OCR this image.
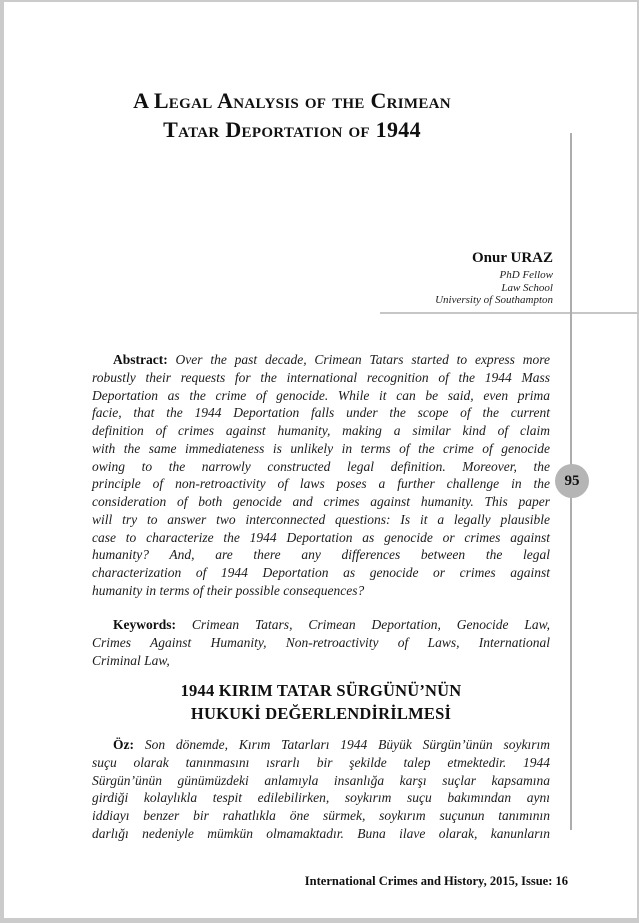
A Legal Analysis of the Crimean
Tatar Deportation of 1944
Onur URAZ
PhD Fellow
Law School
University of Southampton
95
Abstract: Over the past decade, Crimean Tatars started to express more
robustly their requests for the international recognition of the 1944 Mass
Deportation as the crime of genocide. While it can be said, even prima
facie, that the 1944 Deportation falls under the scope of the current
definition of crimes against humanity, making a similar kind of claim
with the same immediateness is unlikely in terms of the crime of genocide
owing to the narrowly constructed legal definition. Moreover, the
principle of non-retroactivity of laws poses a further challenge in the
consideration of both genocide and crimes against humanity. This paper
will try to answer two interconnected questions: Is it a legally plausible
case to characterize the 1944 Deportation as genocide or crimes against
humanity? And, are there any differences between the legal
characterization of 1944 Deportation as genocide or crimes against
humanity in terms of their possible consequences?
Keywords: Crimean Tatars, Crimean Deportation, Genocide Law,
Crimes Against Humanity, Non-retroactivity of Laws, International
Criminal Law,
1944 KIRIM TATAR SÜRGÜNÜ’NÜN
HUKUKİ DEĞERLENDİRİLMESİ
Öz: Son dönemde, Kırım Tatarları 1944 Büyük Sürgün’ünün soykırım
suçu olarak tanınmasını ısrarlı bir şekilde talep etmektedir. 1944
Sürgün’ünün günümüzdeki anlamıyla insanlığa karşı suçlar kapsamına
girdiği kolaylıkla tespit edilebilirken, soykırım suçu bakımından aynı
iddiayı benzer bir rahatlıkla öne sürmek, soykırım suçunun tanımının
darlığı nedeniyle mümkün olmamaktadır. Buna ilave olarak, kanunların
International Crimes and History, 2015, Issue: 16
